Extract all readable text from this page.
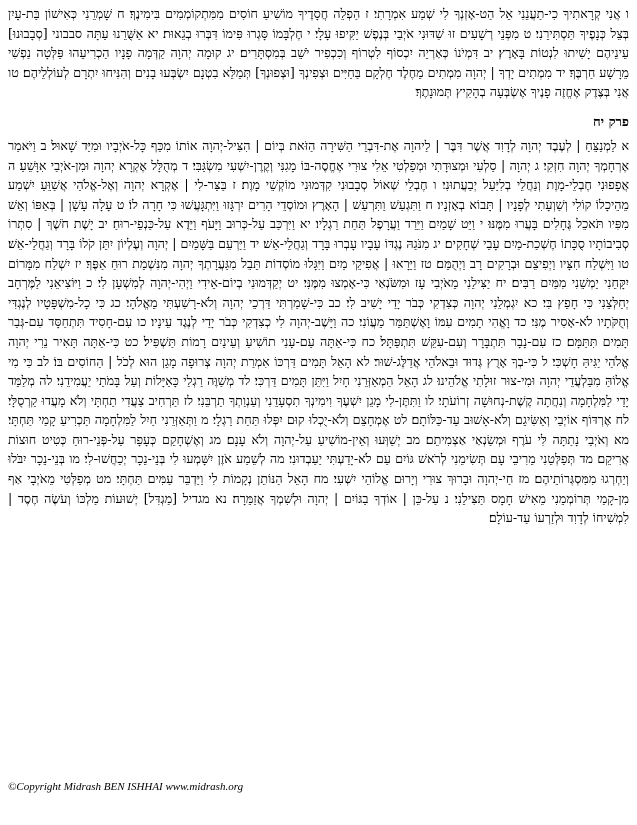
ו אֲנִי קְרָאתִיךָ כִי-תַעֲנֵנִי אֵל הַט-אָזְנְךָ לִי שְׁמַע אִמְרָתִי׃ ז הַפְלֵה חֲסָדֶיךָ מוֹשִׁיעַ חוֹסִים מִמִּתְקוֹמְמִים בִּימִינֶךָ׃ ח שָׁמְרֵנִי כְּאִישׁוֹן בַּת-עָיִן בְּצֵל כְּנָפֶיךָ תַּסְתִּירֵנִי׃ ט מִפְּנֵי רְשָׁעִים זוּ שַׁדּוּנִי אֹיְבַי בְּנֶפֶשׁ יַקִּיפוּ עָלָי׃ י חֶלְבָּמוֹ סָּגְרוּ פִּימוֹ דִּבְּרוּ בְגֵאוּת׃ יא אַשֻּׁרֵנוּ עַתָּה סבבוני [סְבָבוּנוּ] עֵינֵיהֶם יָשִׁיתוּ לִנְטוֹת בָּאָרֶץ׃ יב דִּמְיֹנוֹ כְּאַרְיֵה יִכְסוֹף לִטְרוֹף וְכִכְפִיר יֹשֵׁב בְּמִסְתָּרִים׃ יג קוּמָה יְהוָה קַדְּמָה פָנָיו הַכְרִיעֵהוּ פַּלְּטָה נַפְשִׁי מֵרָשָׁע חַרְבֶּךָ׃ יד מִמְתִים יָדְךָ | יְהוָה מִמְתִים מֵחֶלֶד חֶלְקָם בַּחַיִּים וּצְפִינְךָ [וּצְפוּנְךָ] תְּמַלֵּא בִטְנָם יִשְׂבְּעוּ בָנִים וְהִנִּיחוּ יִתְרָם לְעוֹלְלֵיהֶם׃ טו אֲנִי בְּצֶדֶק אֶחֱזֶה פָנֶיךָ אֶשְׂבְּעָה בְהָקִיץ תְּמוּנָתֶךָ׃

פרק יח

א לַמְנַצֵּחַ | לְעֶבֶד יְהוָה לְדָוִד אֲשֶׁר דִּבֶּר | לַיהוָה אֶת-דִּבְרֵי הַשִּׁירָה הַזֹּאת בְּיוֹם | הִצִּיל-יְהוָה אוֹתוֹ מִכַּף כָּל-אֹיְבָיו וּמִיַּד שָׁאוּל׃ ב וַיֹּאמַר אֶרְחָמְךָ יְהוָה חִזְקִי׃ ג יְהוָה | סַלְעִי וּמְצוּדָתִי וּמְפַלְטִי אֵלִי צוּרִי אֶחֱסֶה-בּוֹ מָגִנִּי וְקֶרֶן-יִשְׁעִי מִשְׂגַּבִּי׃ ד מְהֻלָּל אֶקְרָא יְהוָה וּמִן-אֹיְבַי אִוָּשֵׁעַ׃ ה אֲפָפוּנִי חֶבְלֵי-מָוֶת וְנַחֲלֵי בְלִיַּעַל יְבַעֲתוּנִי׃ ו חֶבְלֵי שְׁאוֹל סְבָבוּנִי קִדְּמוּנִי מוֹקְשֵׁי מָוֶת׃ ז בַּצַּר-לִי | אֶקְרָא יְהוָה וְאֶל-אֱלֹהַי אֲשַׁוֵּעַ יִשְׁמַע מֵהֵיכָלוֹ קוֹלִי וְשַׁוְעָתִי לְפָנָיו | תָּבוֹא בְאָזְנָיו׃ ח וַתִּגְעַשׁ וַתִּרְעַשׁ | הָאָרֶץ וּמוֹסְדֵי הָרִים יִרְגָּזוּ וַיִּתְגָּעֲשׁוּ כִּי חָרָה לוֹ׃ ט עָלָה עָשָׁן | בְּאַפּוֹ וְאֵשׁ מִפִּיו תֹּאכֵל גֶּחָלִים בָּעֲרוּ מִמֶּנּוּ׃ י וַיֵּט שָׁמַיִם וַיֵּרַד וַעֲרָפֶל תַּחַת רַגְלָיו׃ יא וַיִּרְכַּב עַל-כְּרוּב וַיָּעֹף וַיֵּדֶא עַל-כַּנְפֵי-רוּחַ׃ יב יָשֶׁת חֹשֶׁךְ | סִתְרוֹ סְבִיבוֹתָיו סֻכָּתוֹ חֶשְׁכַת-מַיִם עָבֵי שְׁחָקִים׃ יג מִנֹּגַהּ נֶגְדּוֹ עָבָיו עָבְרוּ בָּרָד וְגַחֲלֵי-אֵשׁ׃ יד וַיַּרְעֵם בַּשָּׁמַיִם | יְהוָה וְעֶלְיוֹן יִתֵּן קֹלוֹ בָּרָד וְגַחֲלֵי-אֵשׁ׃ טו וַיִּשְׁלַח חִצָּיו וַיְפִיצֵם וּבְרָקִים רָב וַיְהֻמֵּם׃ טז וַיֵּרָאוּ | אֲפִיקֵי מַיִם וַיִּגָּלוּ מוֹסְדוֹת תֵּבֵל מִגַּעֲרָתְךָ יְהוָה מִנִּשְׁמַת רוּחַ אַפֶּךָ׃ יז יִשְׁלַח מִמָּרוֹם יִקָּחֵנִי יַמְשֵׁנִי מִמַּיִם רַבִּים׃ יח יַצִּילֵנִי מֵאֹיְבִי עָז וּמִשֹּׂנְאַי כִּי-אָמְצוּ מִמֶּנִּי׃ יט יְקַדְּמוּנִי בְיוֹם-אֵידִי וַיְהִי-יְהוָה לְמִשְׁעָן לִי׃ כ וַיּוֹצִיאֵנִי לַמֶּרְחָב יְחַלְּצֵנִי כִּי חָפֵץ בִּי׃ כא יִגְמְלֵנִי יְהוָה כְּצִדְקִי כְּבֹר יָדַי יָשִׁיב לִי׃ כב כִּי-שָׁמַרְתִּי דַּרְכֵי יְהוָה וְלֹא-רָשַׁעְתִּי מֵאֱלֹהָי׃ כג כִּי כָל-מִשְׁפָּטָיו לְנֶגְדִּי וְחֻקֹּתָיו לֹא-אָסִיר מֶנִּי׃ כד וָאֱהִי תָמִים עִמּוֹ וָאֶשְׁתַּמֵּר מֵעֲוֹנִי׃ כה וַיָּשֶׁב-יְהוָה לִי כְצִדְקִי כְּבֹר יָדַי לְנֶגֶד עֵינָיו׃ כו עִם-חָסִיד תִּתְחַסָּד עִם-גְּבַר תָּמִים תִּתַּמָּם׃ כז עִם-נָבָר תִּתְבָּרָר וְעִם-עִקֵּשׁ תִּתְפַּתָּל׃ כח כִּי-אַתָּה עַם-עָנִי תוֹשִׁיעַ וְעֵינַיִם רָמוֹת תַּשְׁפִּיל׃ כט כִּי-אַתָּה תָּאִיר נֵרִי יְהוָה אֱלֹהַי יַגִּיהַּ חָשְׁכִּי׃ ל כִּי-בְךָ אָרֻץ גְּדוּד וּבֵאלֹהַי אֲדַלֶּג-שׁוּר׃ לא הָאֵל תָּמִים דַּרְכּוֹ אִמְרַת יְהוָה צְרוּפָה מָגֵן הוּא לְכֹל | הַחוֹסִים בּוֹ׃ לב כִּי מִי אֱלוֹהַּ מִבַּלְעֲדֵי יְהוָה וּמִי-צוּר זוּלָתִי אֱלֹהֵינוּ׃ לג הָאֵל הַמְאַזְּרֵנִי חָיִל וַיִּתֵּן תָּמִים דַּרְכִּי׃ לד מְשַׁוֶּה רַגְלַי כָּאַיָּלוֹת וְעַל בָּמֹתַי יַעֲמִידֵנִי׃ לה מְלַמֵּד יָדַי לַמִּלְחָמָה וְנִחֲתָה קֶשֶׁת-נְחוּשָׁה זְרוֹעֹתָי׃ לו וַתִּתֶּן-לִי מָגֵן יִשְׁעֶךָ וִימִינְךָ תִסְעָדֵנִי וְעַנְוַתְךָ תַרְבֵּנִי׃ לז תַּרְחִיב צַעֲדִי תַחְתָּי וְלֹא מָעֲדוּ קַרְסֻלָּי׃ לח אֶרְדּוֹף אוֹיְבַי וְאַשִּׂיגֵם וְלֹא-אָשׁוּב עַד-כַּלּוֹתָם׃ לט אֶמְחָצֵם וְלֹא-יֻכְלוּ קוּם יִפְּלוּ תַּחַת רַגְלָי׃ מ וַתְּאַזְּרֵנִי חַיִל לַמִּלְחָמָה תַּכְרִיעַ קָמַי תַּחְתָּי׃ מא וְאֹיְבַי נָתַתָּה לִּי עֹרֶף וּמְשַׂנְאַי אַצְמִיתֵם׃ מב יְשַׁוְּעוּ וְאֵין-מוֹשִׁיעַ עַל-יְהוָה וְלֹא עָנָם׃ מג וְאֶשְׁחָקֵם כְּעָפָר עַל-פְּנֵי-רוּחַ כְּטִיט חוּצוֹת אֲרִיקֵם׃ מד תְּפַלְּטֵנִי מֵרִיבֵי עָם תְּשִׂימֵנִי לְרֹאשׁ גּוֹיִם עַם לֹא-יָדַעְתִּי יַעַבְדוּנִי׃ מה לְשֵׁמַע אֹזֶן יִשָּׁמְעוּ לִי בְּנֵי-נֵכָר יְכַחֲשׁוּ-לִי׃ מו בְּנֵי-נֵכָר יִבֹּלוּ וְיַחְרְגוּ מִמִּסְגְּרוֹתֵיהֶם׃ מז חַי-יְהוָה וּבָרוּךְ צוּרִי וְיָרוּם אֱלוֹהֵי יִשְׁעִי׃ מח הָאֵל הַנּוֹתֵן נְקָמוֹת לִי וַיַּדְבֵּר עַמִּים תַּחְתָּי׃ מט מְפַלְּטִי מֵאֹיְבָי אַף מִן-קָמַי תְּרוֹמְמֵנִי מֵאִישׁ חָמָס תַּצִּילֵנִי׃ נ עַל-כֵּן | אוֹדְךָ בַגּוֹיִם | יְהוָה וּלְשִׁמְךָ אֲזַמֵּרָה׃ נא מגדיל [מַגְדִּל] יְשׁוּעוֹת מַלְכּוֹ וְעֹשֶׂה חֶסֶד | לִמְשִׁיחוֹ לְדָוִד וּלְזַרְעוֹ עַד-עוֹלָם׃

©Copyright Midrash BEN ISHHAI www.midrash.org
